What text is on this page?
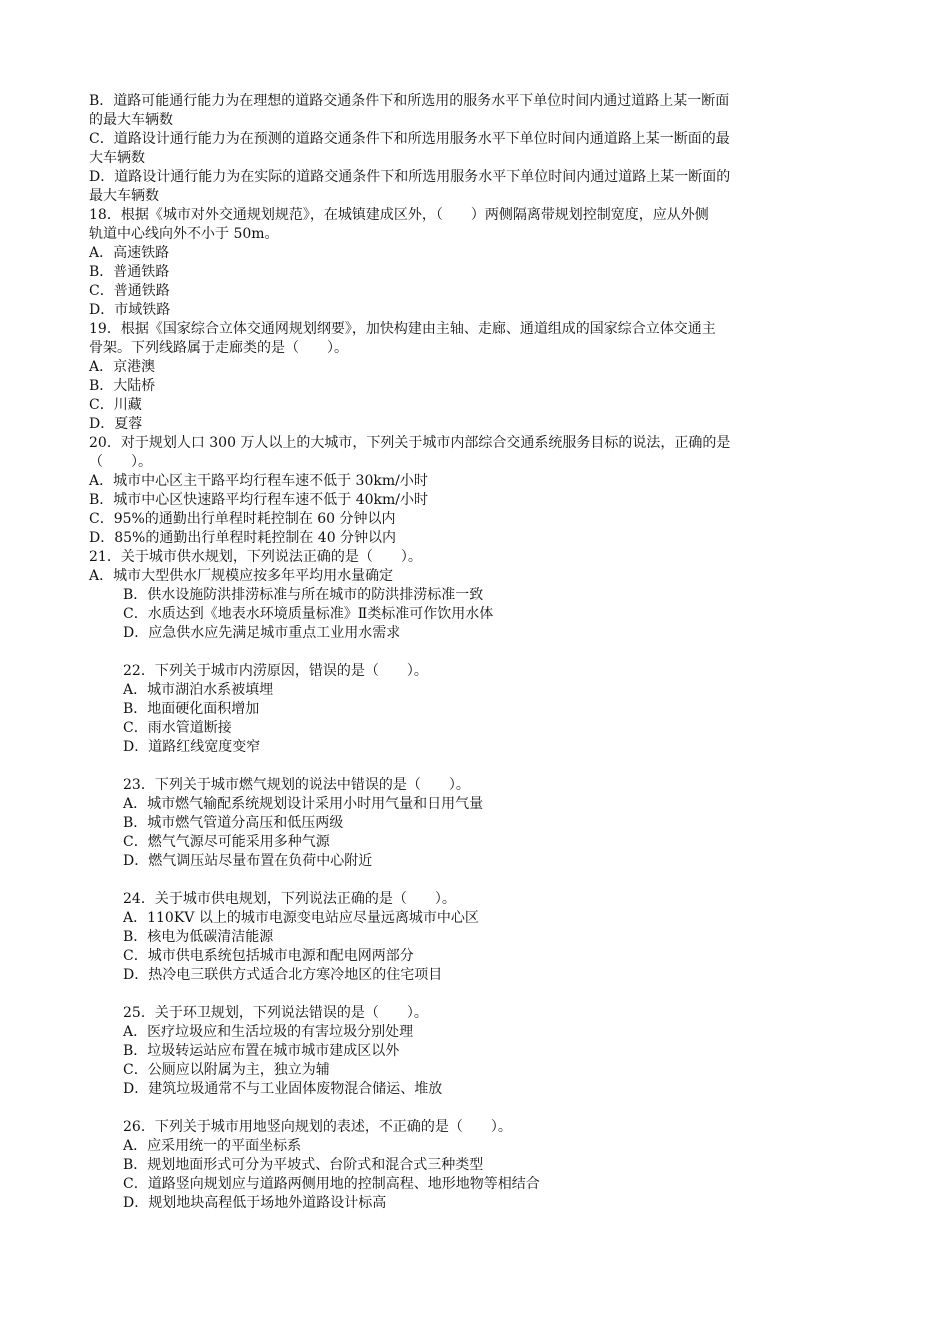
B．道路可能通行能力为在理想的道路交通条件下和所选用的服务水平下单位时间内通过道路上某一断面
的最大车辆数
C．道路设计通行能力为在预测的道路交通条件下和所选用服务水平下单位时间内通道路上某一断面的最
大车辆数
D．道路设计通行能力为在实际的道路交通条件下和所选用服务水平下单位时间内通过道路上某一断面的
最大车辆数
18．根据《城市对外交通规划规范》，在城镇建成区外，（　　）两侧隔离带规划控制宽度，应从外侧
轨道中心线向外不小于 50m。
A．高速铁路
B．普通铁路
C．普通铁路
D．市域铁路
19．根据《国家综合立体交通网规划纲要》，加快构建由主轴、走廊、通道组成的国家综合立体交通主
骨架。下列线路属于走廊类的是（　　）。
A．京港澳
B．大陆桥
C．川藏
D．夏蓉
20．对于规划人口 300 万人以上的大城市，下列关于城市内部综合交通系统服务目标的说法，正确的是
（　　）。
A．城市中心区主干路平均行程车速不低于 30km/小时
B．城市中心区快速路平均行程车速不低于 40km/小时
C．95%的通勤出行单程时耗控制在 60 分钟以内
D．85%的通勤出行单程时耗控制在 40 分钟以内
21．关于城市供水规划，下列说法正确的是（　　）。
A．城市大型供水厂规模应按多年平均用水量确定
B．供水设施防洪排涝标准与所在城市的防洪排涝标准一致
C．水质达到《地表水环境质量标准》Ⅱ类标准可作饮用水体
D．应急供水应先满足城市重点工业用水需求
22．下列关于城市内涝原因，错误的是（　　）。
A．城市湖泊水系被填埋
B．地面硬化面积增加
C．雨水管道断接
D．道路红线宽度变窄
23．下列关于城市燃气规划的说法中错误的是（　　）。
A．城市燃气输配系统规划设计采用小时用气量和日用气量
B．城市燃气管道分高压和低压两级
C．燃气气源尽可能采用多种气源
D．燃气调压站尽量布置在负荷中心附近
24．关于城市供电规划，下列说法正确的是（　　）。
A．110KV 以上的城市电源变电站应尽量远离城市中心区
B．核电为低碳清洁能源
C．城市供电系统包括城市电源和配电网两部分
D．热冷电三联供方式适合北方寒冷地区的住宅项目
25．关于环卫规划，下列说法错误的是（　　）。
A．医疗垃圾应和生活垃圾的有害垃圾分别处理
B．垃圾转运站应布置在城市城市建成区以外
C．公厕应以附属为主，独立为辅
D．建筑垃圾通常不与工业固体废物混合储运、堆放
26．下列关于城市用地竖向规划的表述，不正确的是（　　）。
A．应采用统一的平面坐标系
B．规划地面形式可分为平坡式、台阶式和混合式三种类型
C．道路竖向规划应与道路两侧用地的控制高程、地形地物等相结合
D．规划地块高程低于场地外道路设计标高
